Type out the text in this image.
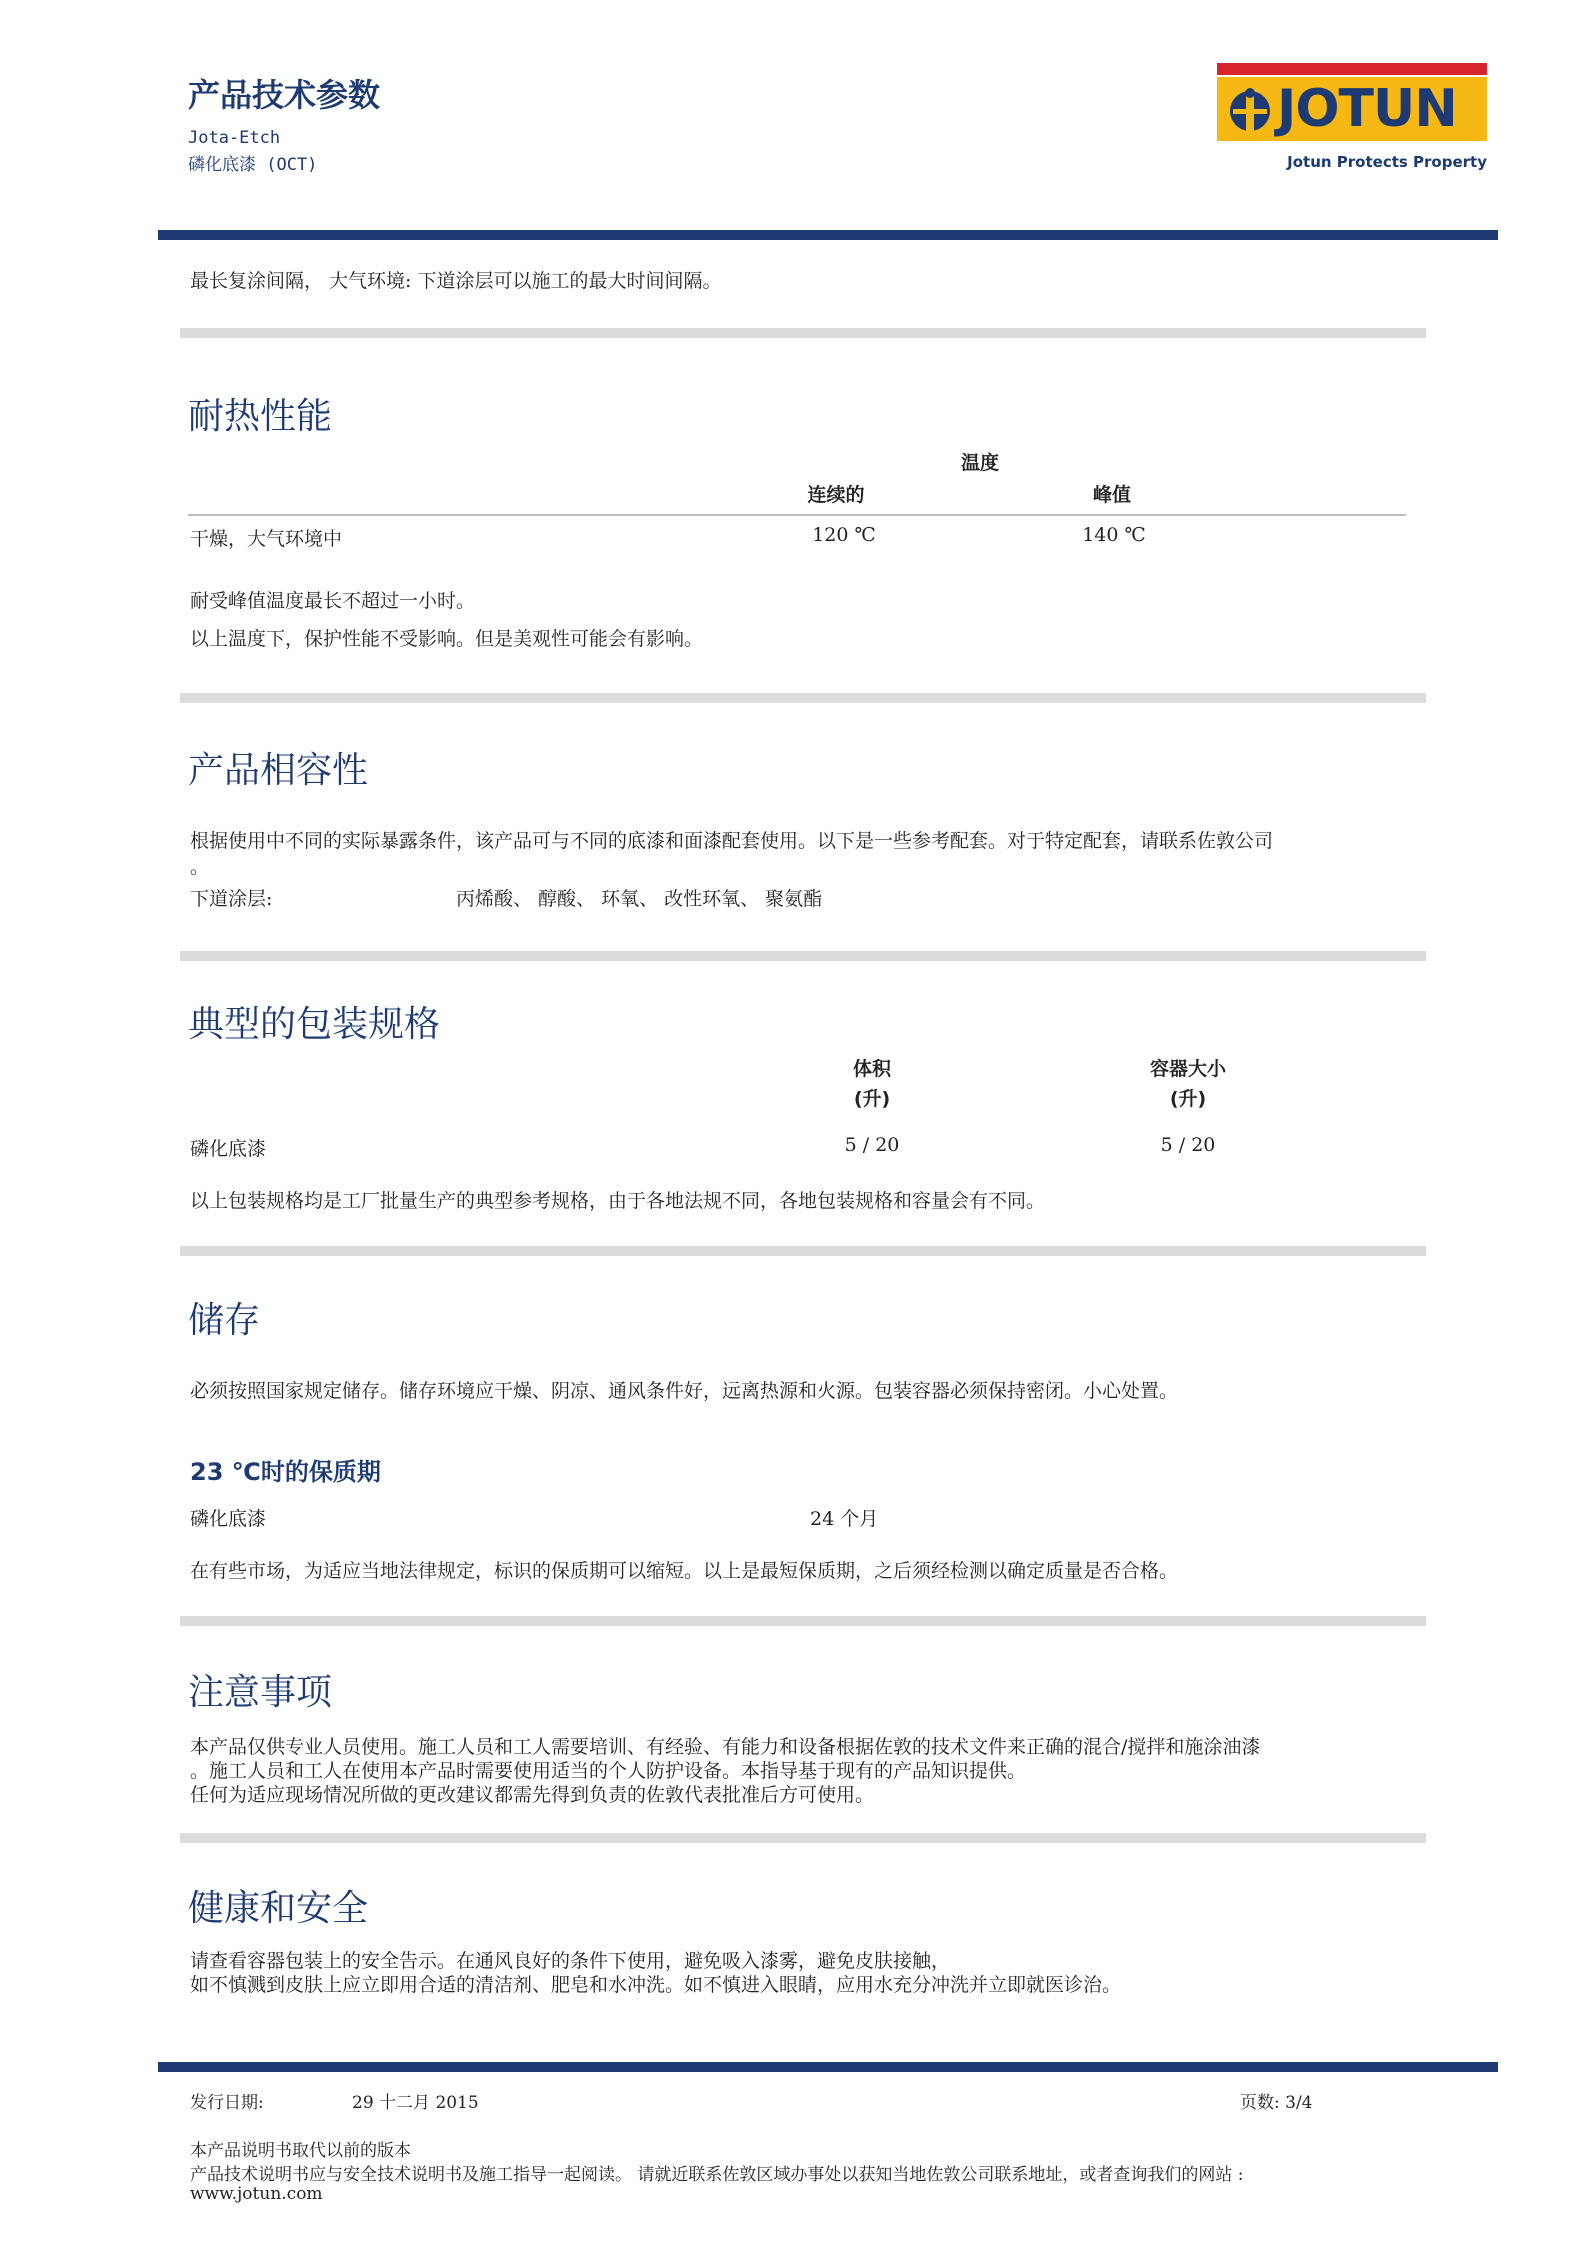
产品技术参数
Jota-Etch
磷化底漆 (OCT)
JOTUN
Jotun Protects Property
最长复涂间隔， 大气环境: 下道涂层可以施工的最大时间间隔。
耐热性能
温度
连续的	峰值
干燥，大气环境中	120 ℃	140 ℃
耐受峰值温度最长不超过一小时。
以上温度下，保护性能不受影响。但是美观性可能会有影响。
产品相容性
根据使用中不同的实际暴露条件，该产品可与不同的底漆和面漆配套使用。以下是一些参考配套。对于特定配套，请联系佐敦公司
。
下道涂层:	丙烯酸、 醇酸、 环氧、 改性环氧、 聚氨酯
典型的包装规格
体积
(升)
容器大小
(升)
磷化底漆	5 / 20	5 / 20
以上包装规格均是工厂批量生产的典型参考规格，由于各地法规不同，各地包装规格和容量会有不同。
储存
必须按照国家规定储存。储存环境应干燥、阴凉、通风条件好，远离热源和火源。包装容器必须保持密闭。小心处置。
23 ℃时的保质期
磷化底漆	24 个月
在有些市场，为适应当地法律规定，标识的保质期可以缩短。以上是最短保质期，之后须经检测以确定质量是否合格。
注意事项
本产品仅供专业人员使用。施工人员和工人需要培训、有经验、有能力和设备根据佐敦的技术文件来正确的混合/搅拌和施涂油漆
。施工人员和工人在使用本产品时需要使用适当的个人防护设备。本指导基于现有的产品知识提供。
任何为适应现场情况所做的更改建议都需先得到负责的佐敦代表批准后方可使用。
健康和安全
请查看容器包装上的安全告示。在通风良好的条件下使用，避免吸入漆雾，避免皮肤接触，
如不慎溅到皮肤上应立即用合适的清洁剂、肥皂和水冲洗。如不慎进入眼睛，应用水充分冲洗并立即就医诊治。
发行日期:	29 十二月 2015	页数: 3/4
本产品说明书取代以前的版本
产品技术说明书应与安全技术说明书及施工指导一起阅读。 请就近联系佐敦区域办事处以获知当地佐敦公司联系地址，或者查询我们的网站 :
www.jotun.com
